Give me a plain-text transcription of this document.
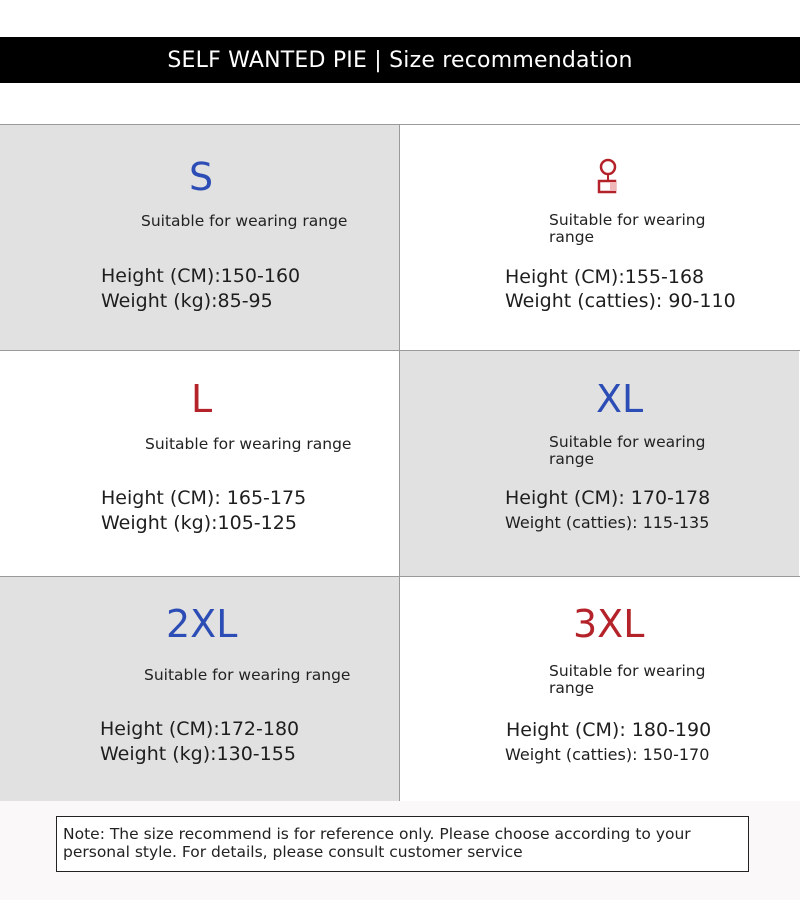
SELF WANTED PIE | Size recommendation
S
Suitable for wearing range
Height (CM):150-160
Weight (kg):85-95
Suitable for wearing range
Height (CM):155-168
Weight (catties): 90-110
L
Suitable for wearing range
Height (CM): 165-175
Weight (kg):105-125
XL
Suitable for wearing range
Height (CM): 170-178
Weight (catties): 115-135
2XL
Suitable for wearing range
Height (CM):172-180
Weight (kg):130-155
3XL
Suitable for wearing range
Height (CM): 180-190
Weight (catties): 150-170
Note: The size recommend is for reference only. Please choose according to your personal style. For details, please consult customer service
